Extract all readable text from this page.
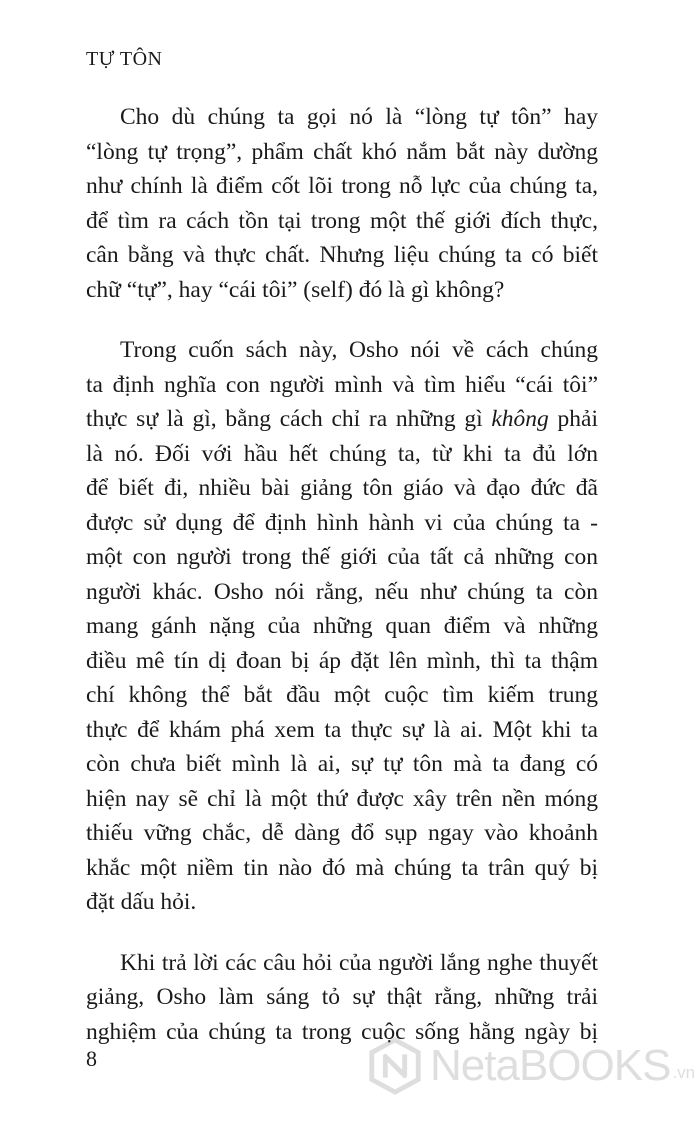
TỰ TÔN

Cho dù chúng ta gọi nó là “lòng tự tôn” hay
“lòng tự trọng”, phẩm chất khó nắm bắt này dường
như chính là điểm cốt lõi trong nỗ lực của chúng ta,
để tìm ra cách tồn tại trong một thế giới đích thực,
cân bằng và thực chất. Nhưng liệu chúng ta có biết
chữ “tự”, hay “cái tôi” (self) đó là gì không?

Trong cuốn sách này, Osho nói về cách chúng
ta định nghĩa con người mình và tìm hiểu “cái tôi”
thực sự là gì, bằng cách chỉ ra những gì không phải
là nó. Đối với hầu hết chúng ta, từ khi ta đủ lớn
để biết đi, nhiều bài giảng tôn giáo và đạo đức đã
được sử dụng để định hình hành vi của chúng ta -
một con người trong thế giới của tất cả những con
người khác. Osho nói rằng, nếu như chúng ta còn
mang gánh nặng của những quan điểm và những
điều mê tín dị đoan bị áp đặt lên mình, thì ta thậm
chí không thể bắt đầu một cuộc tìm kiếm trung
thực để khám phá xem ta thực sự là ai. Một khi ta
còn chưa biết mình là ai, sự tự tôn mà ta đang có
hiện nay sẽ chỉ là một thứ được xây trên nền móng
thiếu vững chắc, dễ dàng đổ sụp ngay vào khoảnh
khắc một niềm tin nào đó mà chúng ta trân quý bị
đặt dấu hỏi.

Khi trả lời các câu hỏi của người lắng nghe thuyết
giảng, Osho làm sáng tỏ sự thật rằng, những trải
nghiệm của chúng ta trong cuộc sống hằng ngày bị

8	NetaBOOKS .vn
